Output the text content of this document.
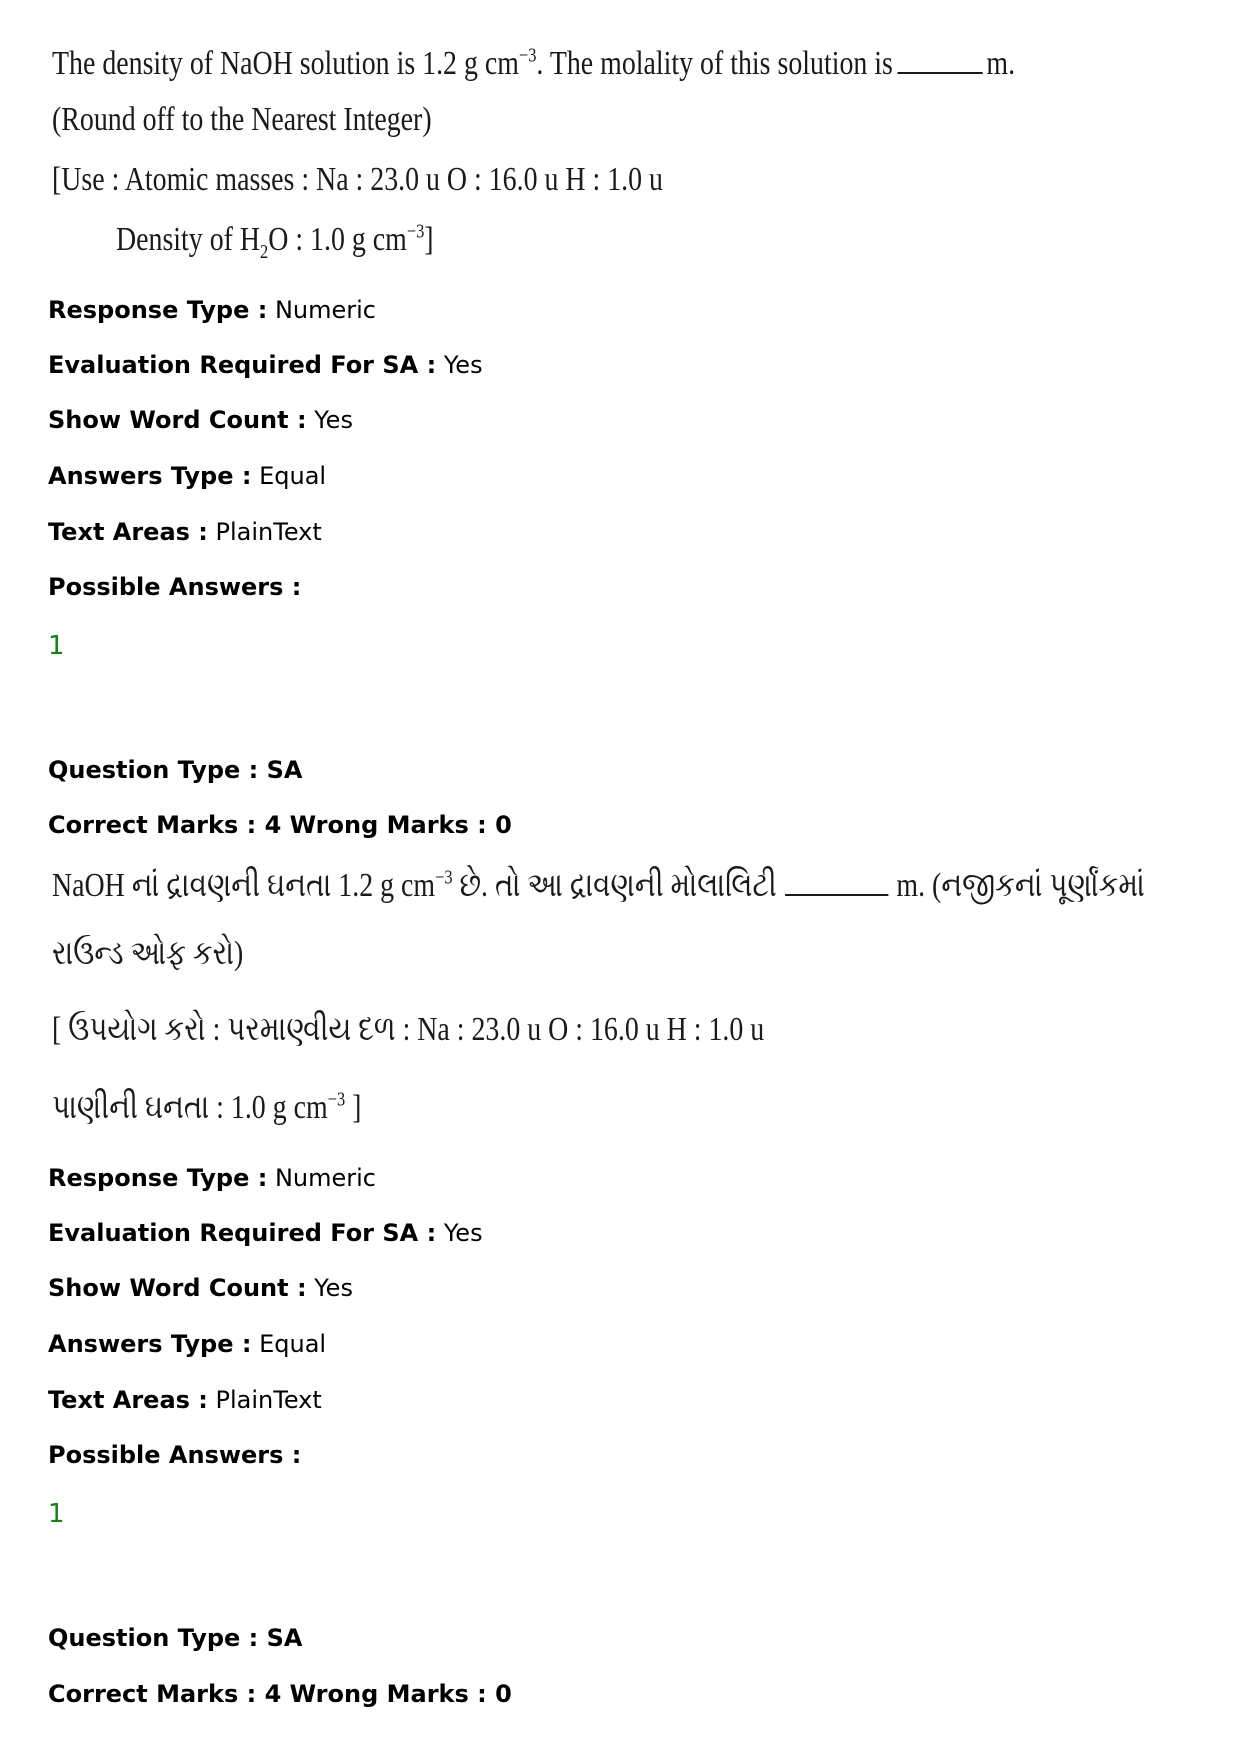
The density of NaOH solution is 1.2 g $cm^{-3}$. The molality of this solution is	m.
(Round off to the Nearest Integer)
[Use : Atomic masses : Na : 23.0 u O : 16.0 u H : 1.0 u
Density of $H_2O$ : 1.0 g $cm^{-3}$]
Response Type : Numeric
Evaluation Required For SA : Yes
Show Word Count : Yes
Answers Type : Equal
Text Areas : PlainText
Possible Answers :
1
Question Type : SA
Correct Marks : 4 Wrong Marks : 0
NaOH નાં દ્રાવણની ઘનતા 1.2 g $cm^{-3}$ છે. તો આ દ્રાવણની મોલાલિટી	m. (નજીકનાં પૂર્ણાંકમાં
રાઉન્ડ ઓફ કરો)
[ ઉપયોગ કરો : પરમાણ્વીય દળ : Na : 23.0 u O : 16.0 u H : 1.0 u
પાણીની ઘનતા : 1.0 g $cm^{-3}$ ]
Response Type : Numeric
Evaluation Required For SA : Yes
Show Word Count : Yes
Answers Type : Equal
Text Areas : PlainText
Possible Answers :
1
Question Type : SA
Correct Marks : 4 Wrong Marks : 0
